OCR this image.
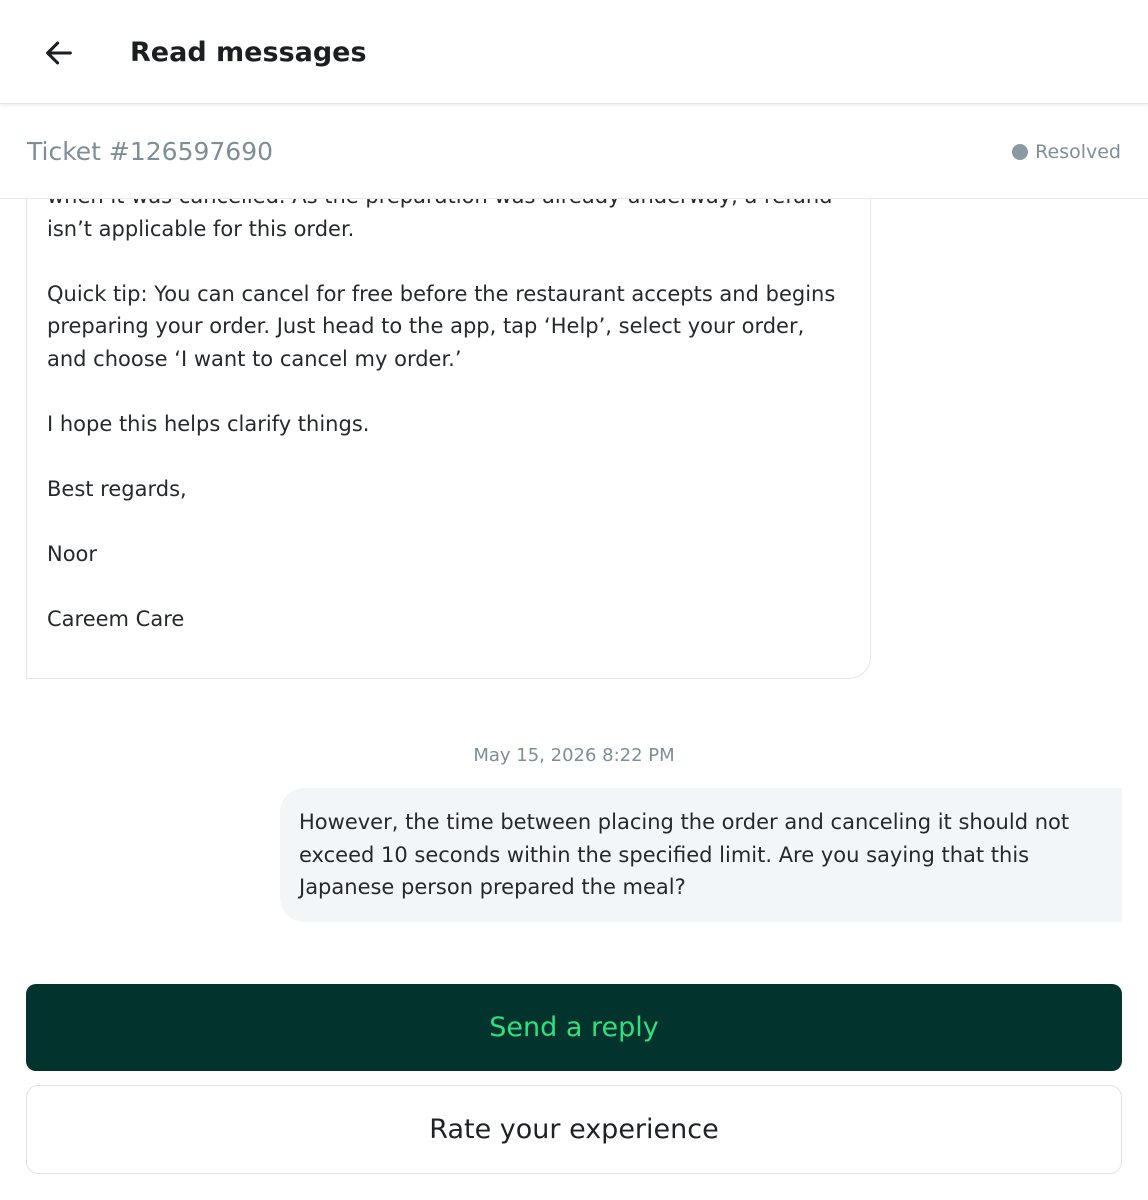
Read messages
Ticket #126597690	Resolved

isn’t applicable for this order.

Quick tip: You can cancel for free before the restaurant accepts and begins preparing your order. Just head to the app, tap ‘Help’, select your order, and choose ‘I want to cancel my order.’

I hope this helps clarify things.

Best regards,

Noor

Careem Care

May 15, 2026 8:22 PM

However, the time between placing the order and canceling it should not exceed 10 seconds within the specified limit. Are you saying that this Japanese person prepared the meal?

Send a reply
Rate your experience
